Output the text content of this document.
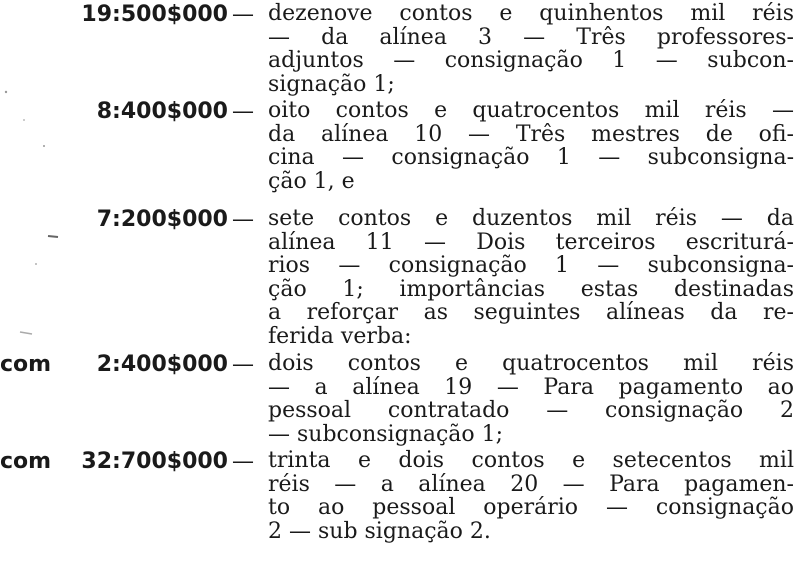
19:500$000 — dezenove contos e quinhentos mil réis
— da alínea 3 — Três professores-
adjuntos — consignação 1 — subcon-
signação 1;
8:400$000 — oito contos e quatrocentos mil réis —
da alínea 10 — Três mestres de ofi-
cina — consignação 1 — subconsigna-
ção 1, e
7:200$000 — sete contos e duzentos mil réis — da
alínea 11 — Dois terceiros escriturá-
rios — consignação 1 — subconsigna-
ção 1; importâncias estas destinadas
a reforçar as seguintes alíneas da re-
ferida verba:
com	2:400$000 — dois contos e quatrocentos mil réis
— a alínea 19 — Para pagamento ao
pessoal contratado — consignação 2
— subconsignação 1;
com	32:700$000 — trinta e dois contos e setecentos mil
réis — a alínea 20 — Para pagamen-
to ao pessoal operário — consignação
2 — sub signação 2.
